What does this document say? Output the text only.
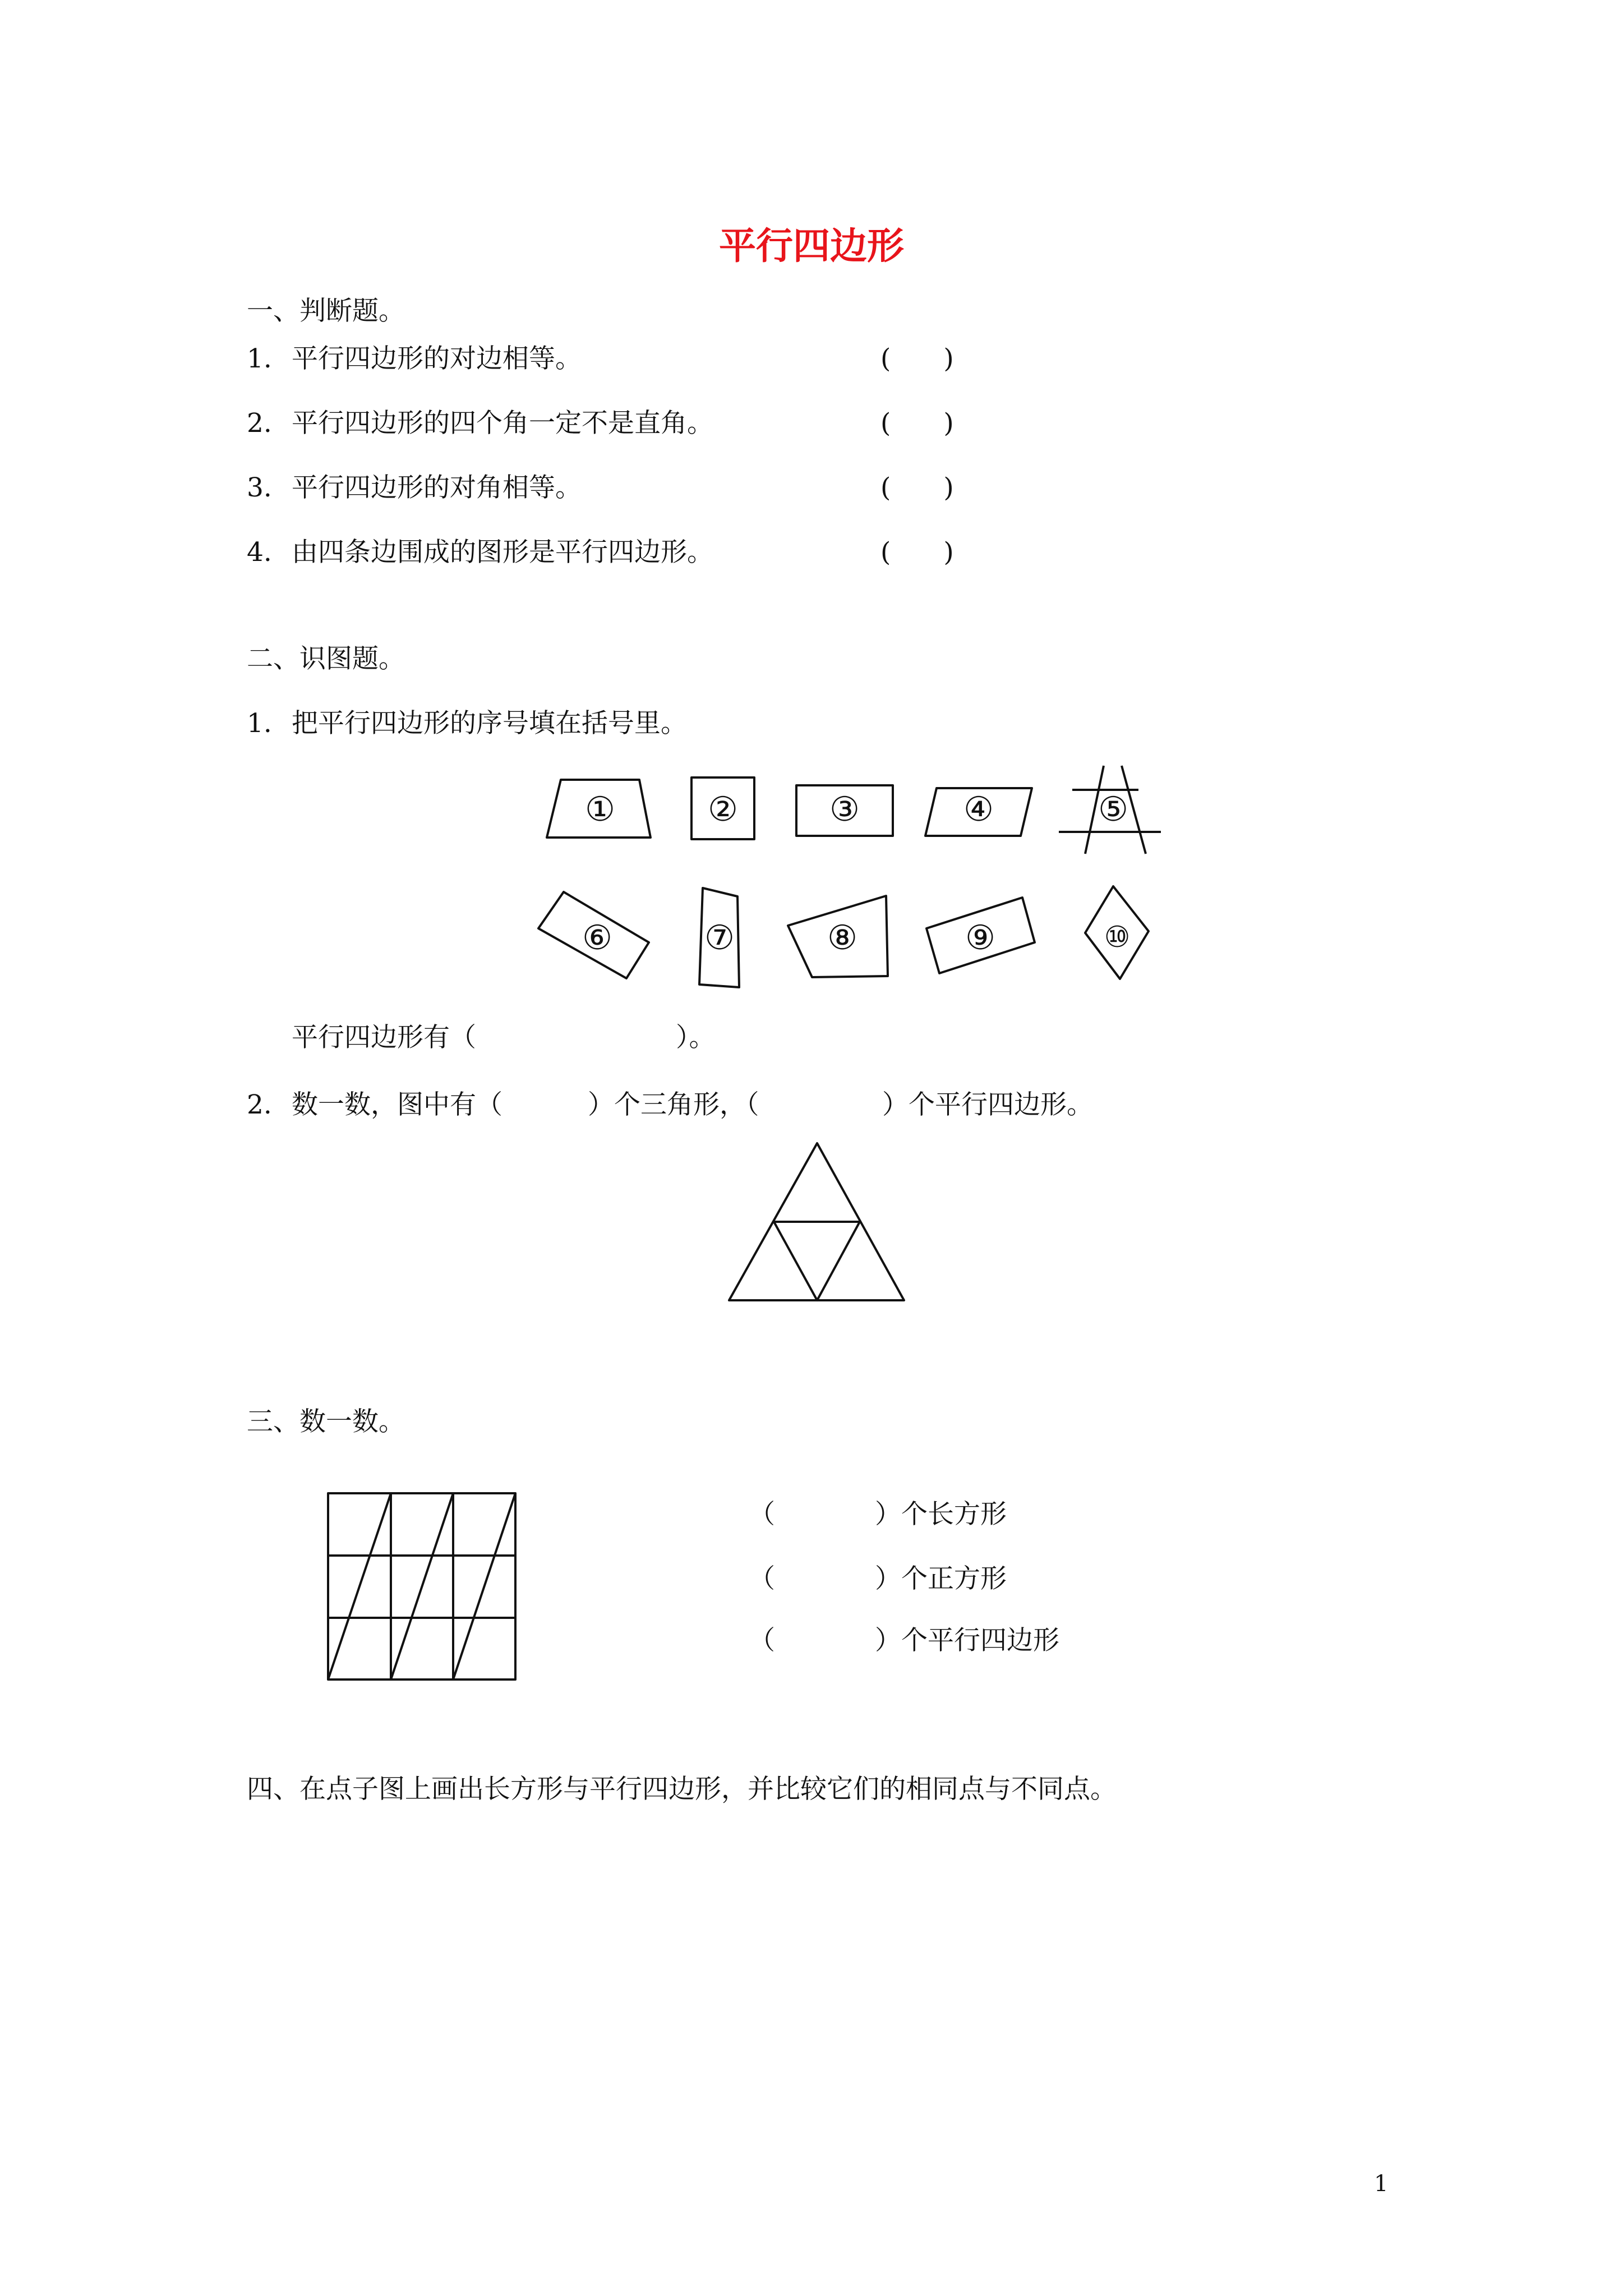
平行四边形
一、判断题。
1. 平行四边形的对边相等。	(　　)
2. 平行四边形的四个角一定不是直角。	(　　)
3. 平行四边形的对角相等。	(　　)
4. 由四条边围成的图形是平行四边形。	(　　)
二、识图题。
1. 把平行四边形的序号填在括号里。
①	②	③	④	⑤
⑥	⑦	⑧	⑨	⑩
平行四边形有（	）。
2. 数一数，图中有（	）个三角形，（	）个平行四边形。
三、数一数。
（	）个长方形
（	）个正方形
（	）个平行四边形
四、在点子图上画出长方形与平行四边形，并比较它们的相同点与不同点。
1
